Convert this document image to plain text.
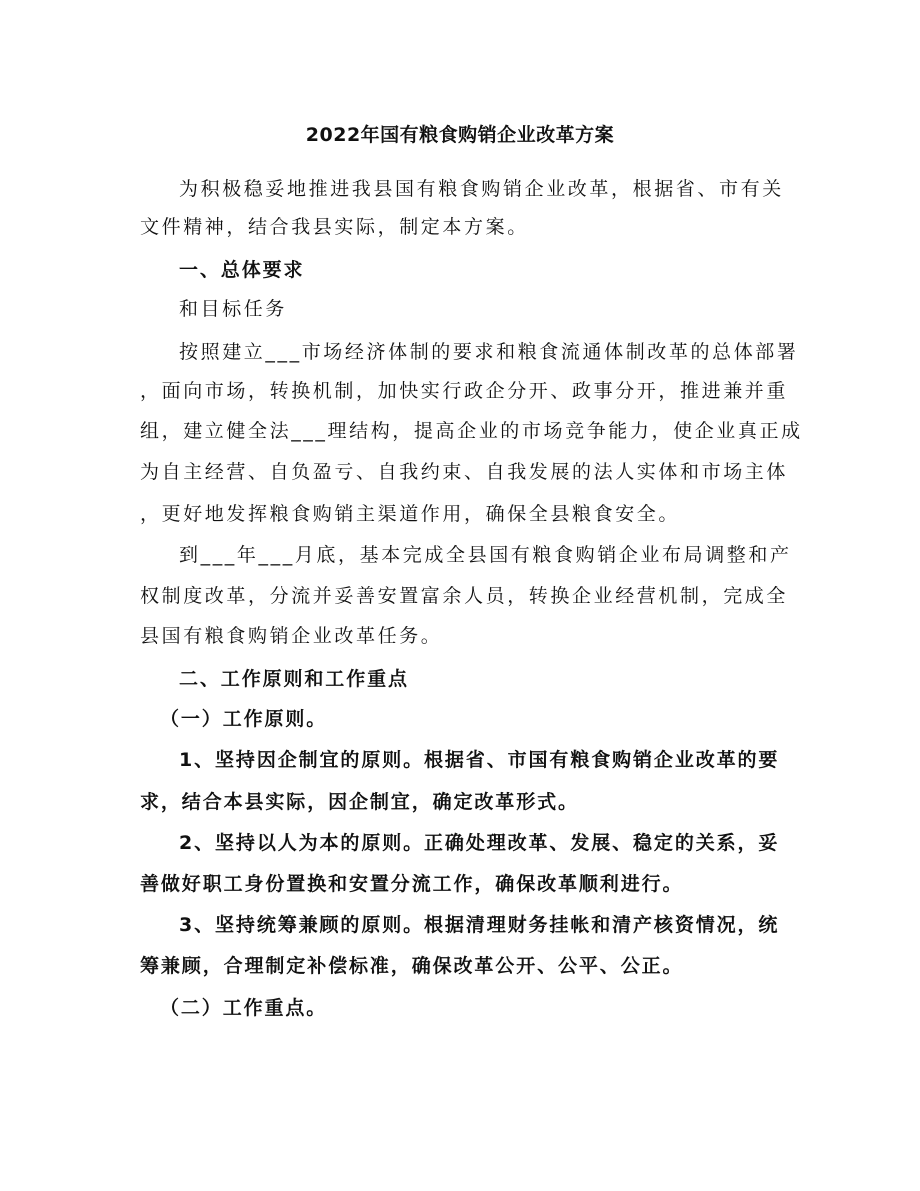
2022年国有粮食购销企业改革方案
为积极稳妥地推进我县国有粮食购销企业改革，根据省、市有关
文件精神，结合我县实际，制定本方案。
一、总体要求
和目标任务
按照建立___市场经济体制的要求和粮食流通体制改革的总体部署
，面向市场，转换机制，加快实行政企分开、政事分开，推进兼并重
组，建立健全法___理结构，提高企业的市场竞争能力，使企业真正成
为自主经营、自负盈亏、自我约束、自我发展的法人实体和市场主体
，更好地发挥粮食购销主渠道作用，确保全县粮食安全。
到___年___月底，基本完成全县国有粮食购销企业布局调整和产
权制度改革，分流并妥善安置富余人员，转换企业经营机制，完成全
县国有粮食购销企业改革任务。
二、工作原则和工作重点
（一）工作原则。
1、坚持因企制宜的原则。根据省、市国有粮食购销企业改革的要
求，结合本县实际，因企制宜，确定改革形式。
2、坚持以人为本的原则。正确处理改革、发展、稳定的关系，妥
善做好职工身份置换和安置分流工作，确保改革顺利进行。
3、坚持统筹兼顾的原则。根据清理财务挂帐和清产核资情况，统
筹兼顾，合理制定补偿标准，确保改革公开、公平、公正。
（二）工作重点。
